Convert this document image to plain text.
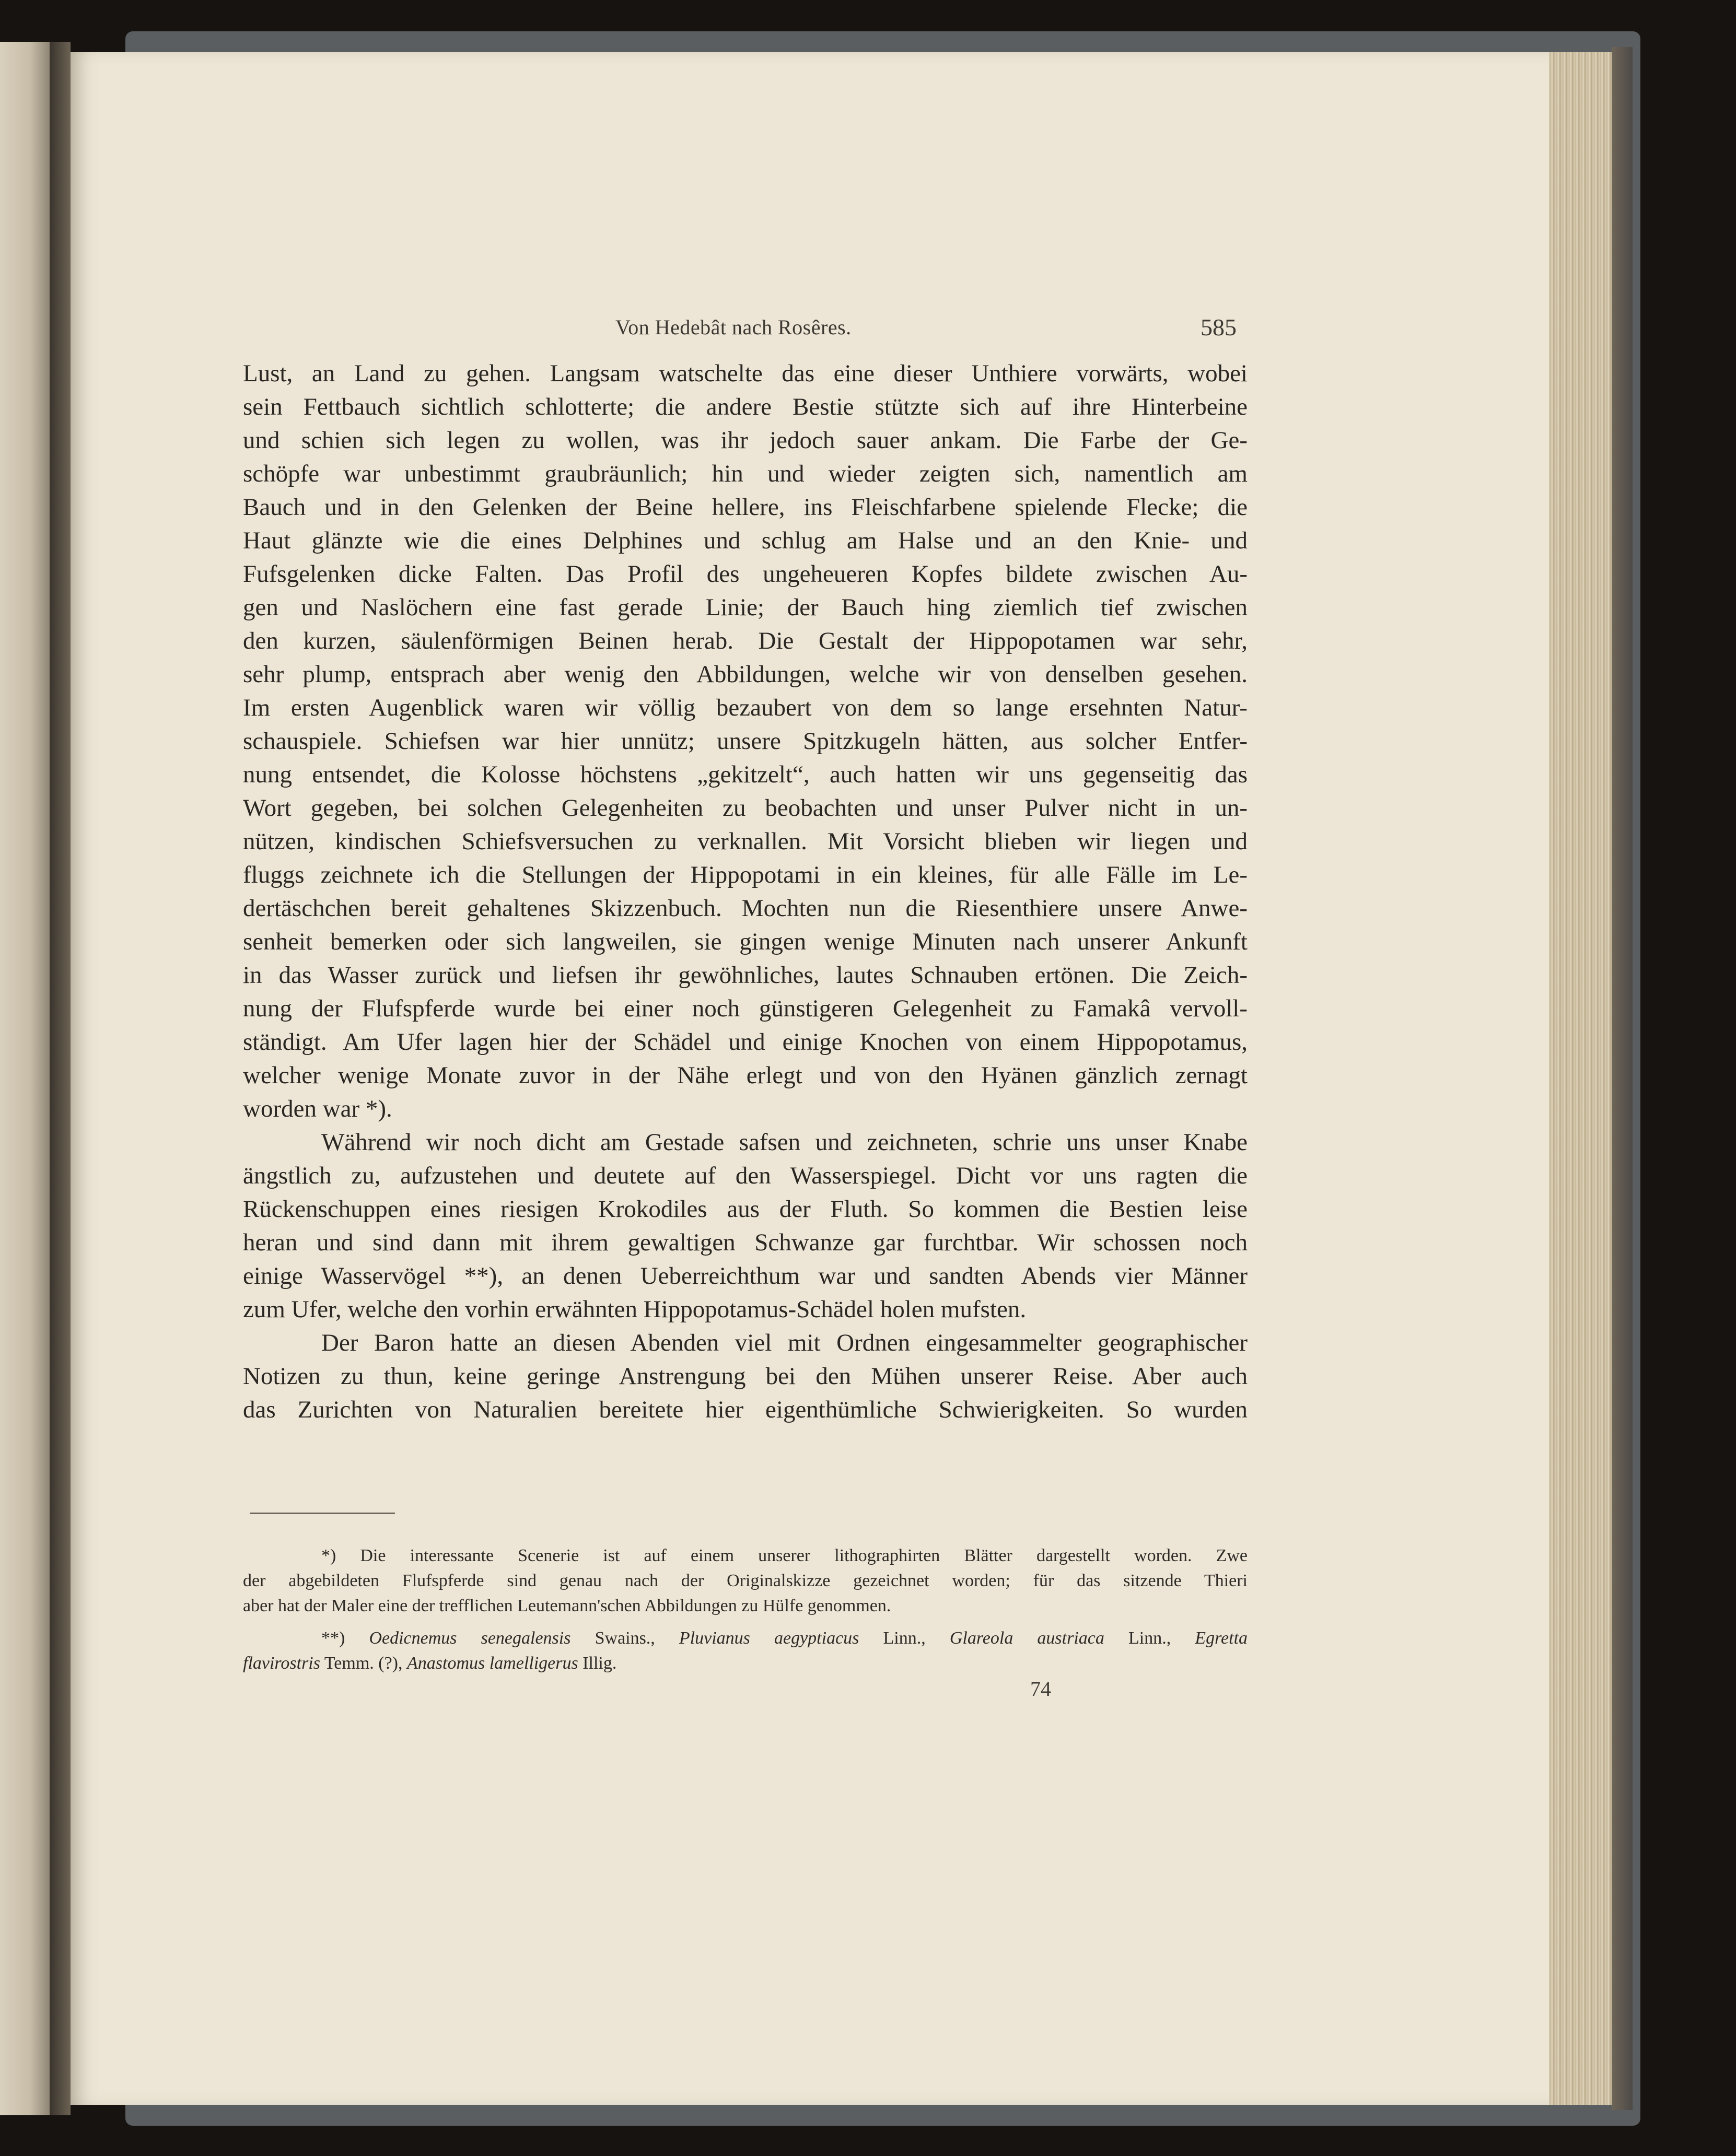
Von Hedebât nach Rosêres.	585
Lust, an Land zu gehen. Langsam watschelte das eine dieser Unthiere vorwärts, wobei
sein Fettbauch sichtlich schlotterte; die andere Bestie stützte sich auf ihre Hinterbeine
und schien sich legen zu wollen, was ihr jedoch sauer ankam. Die Farbe der Ge-
schöpfe war unbestimmt graubräunlich; hin und wieder zeigten sich, namentlich am
Bauch und in den Gelenken der Beine hellere, ins Fleischfarbene spielende Flecke; die
Haut glänzte wie die eines Delphines und schlug am Halse und an den Knie- und
Fufsgelenken dicke Falten. Das Profil des ungeheueren Kopfes bildete zwischen Au-
gen und Naslöchern eine fast gerade Linie; der Bauch hing ziemlich tief zwischen
den kurzen, säulenförmigen Beinen herab. Die Gestalt der Hippopotamen war sehr,
sehr plump, entsprach aber wenig den Abbildungen, welche wir von denselben gesehen.
Im ersten Augenblick waren wir völlig bezaubert von dem so lange ersehnten Natur-
schauspiele. Schiefsen war hier unnütz; unsere Spitzkugeln hätten, aus solcher Entfer-
nung entsendet, die Kolosse höchstens „gekitzelt“, auch hatten wir uns gegenseitig das
Wort gegeben, bei solchen Gelegenheiten zu beobachten und unser Pulver nicht in un-
nützen, kindischen Schiefsversuchen zu verknallen. Mit Vorsicht blieben wir liegen und
fluggs zeichnete ich die Stellungen der Hippopotami in ein kleines, für alle Fälle im Le-
dertäschchen bereit gehaltenes Skizzenbuch. Mochten nun die Riesenthiere unsere Anwe-
senheit bemerken oder sich langweilen, sie gingen wenige Minuten nach unserer Ankunft
in das Wasser zurück und liefsen ihr gewöhnliches, lautes Schnauben ertönen. Die Zeich-
nung der Flufspferde wurde bei einer noch günstigeren Gelegenheit zu Famakâ vervoll-
ständigt. Am Ufer lagen hier der Schädel und einige Knochen von einem Hippopotamus,
welcher wenige Monate zuvor in der Nähe erlegt und von den Hyänen gänzlich zernagt
worden war *).
Während wir noch dicht am Gestade safsen und zeichneten, schrie uns unser Knabe
ängstlich zu, aufzustehen und deutete auf den Wasserspiegel. Dicht vor uns ragten die
Rückenschuppen eines riesigen Krokodiles aus der Fluth. So kommen die Bestien leise
heran und sind dann mit ihrem gewaltigen Schwanze gar furchtbar. Wir schossen noch
einige Wasservögel **), an denen Ueberreichthum war und sandten Abends vier Männer
zum Ufer, welche den vorhin erwähnten Hippopotamus-Schädel holen mufsten.
Der Baron hatte an diesen Abenden viel mit Ordnen eingesammelter geographischer
Notizen zu thun, keine geringe Anstrengung bei den Mühen unserer Reise. Aber auch
das Zurichten von Naturalien bereitete hier eigenthümliche Schwierigkeiten. So wurden
*) Die interessante Scenerie ist auf einem unserer lithographirten Blätter dargestellt worden. Zwe
der abgebildeten Flufspferde sind genau nach der Originalskizze gezeichnet worden; für das sitzende Thieri
aber hat der Maler eine der trefflichen Leutemann'schen Abbildungen zu Hülfe genommen.
**) Oedicnemus senegalensis Swains., Pluvianus aegyptiacus Linn., Glareola austriaca Linn., Egretta
flavirostris Temm. (?), Anastomus lamelligerus Illig.
74
